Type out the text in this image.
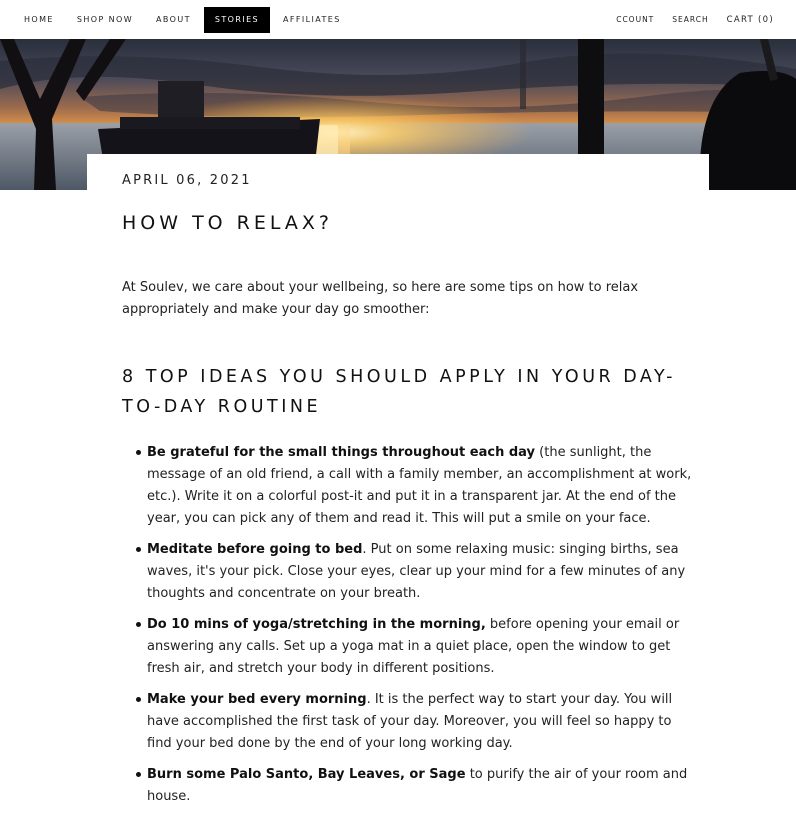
HOME	SHOP NOW	ABOUT	STORIES	AFFILIATES	CCOUNT SEARCH CART (0)
APRIL 06, 2021
HOW TO RELAX?

At Soulev, we care about your wellbeing, so here are some tips on how to relax appropriately and make your day go smoother:

8 TOP IDEAS YOU SHOULD APPLY IN YOUR DAY-TO-DAY ROUTINE
Be grateful for the small things throughout each day (the sunlight, the message of an old friend, a call with a family member, an accomplishment at work, etc.). Write it on a colorful post-it and put it in a transparent jar. At the end of the year, you can pick any of them and read it. This will put a smile on your face.
Meditate before going to bed. Put on some relaxing music: singing births, sea waves, it's your pick. Close your eyes, clear up your mind for a few minutes of any thoughts and concentrate on your breath.
Do 10 mins of yoga/stretching in the morning, before opening your email or answering any calls. Set up a yoga mat in a quiet place, open the window to get fresh air, and stretch your body in different positions.
Make your bed every morning. It is the perfect way to start your day. You will have accomplished the first task of your day. Moreover, you will feel so happy to find your bed done by the end of your long working day.
Burn some Palo Santo, Bay Leaves, or Sage to purify the air of your room and house.
